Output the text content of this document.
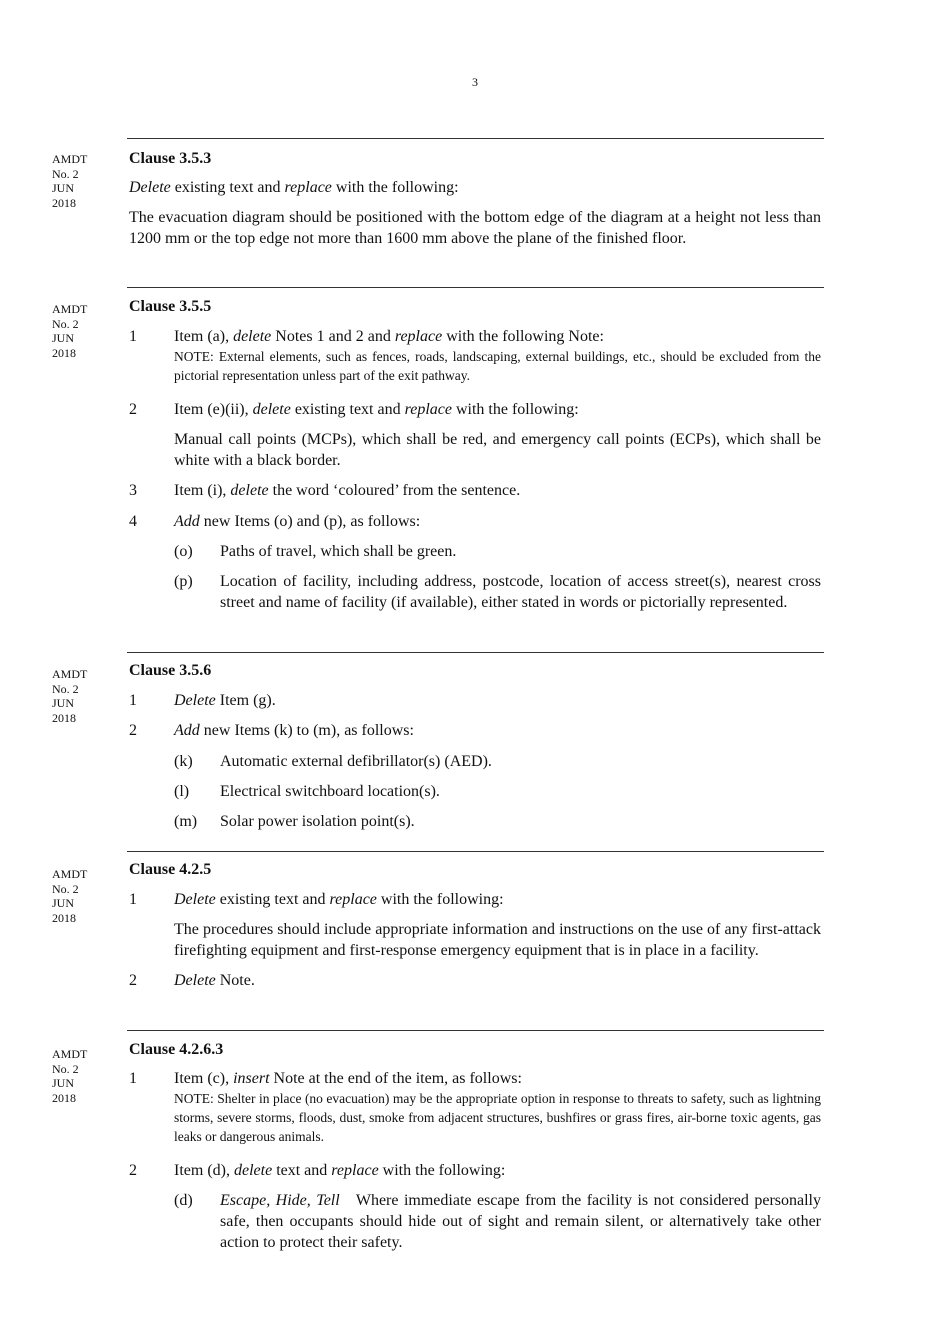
3
AMDT
No. 2
JUN
2018

Clause 3.5.3

Delete existing text and replace with the following:

The evacuation diagram should be positioned with the bottom edge of the diagram at a height not less than 1200 mm or the top edge not more than 1600 mm above the plane of the finished floor.

AMDT
No. 2
JUN
2018

Clause 3.5.5

1	Item (a), delete Notes 1 and 2 and replace with the following Note:

NOTE: External elements, such as fences, roads, landscaping, external buildings, etc., should be excluded from the pictorial representation unless part of the exit pathway.

2	Item (e)(ii), delete existing text and replace with the following:

Manual call points (MCPs), which shall be red, and emergency call points (ECPs), which shall be white with a black border.

3	Item (i), delete the word ‘coloured’ from the sentence.

4	Add new Items (o) and (p), as follows:

(o)	Paths of travel, which shall be green.

(p)	Location of facility, including address, postcode, location of access street(s), nearest cross street and name of facility (if available), either stated in words or pictorially represented.

AMDT
No. 2
JUN
2018

Clause 3.5.6

1	Delete Item (g).

2	Add new Items (k) to (m), as follows:

(k)	Automatic external defibrillator(s) (AED).

(l)	Electrical switchboard location(s).

(m)	Solar power isolation point(s).

AMDT
No. 2
JUN
2018

Clause 4.2.5

1	Delete existing text and replace with the following:

The procedures should include appropriate information and instructions on the use of any first-attack firefighting equipment and first-response emergency equipment that is in place in a facility.

2	Delete Note.

AMDT
No. 2
JUN
2018

Clause 4.2.6.3

1	Item (c), insert Note at the end of the item, as follows:

NOTE: Shelter in place (no evacuation) may be the appropriate option in response to threats to safety, such as lightning storms, severe storms, floods, dust, smoke from adjacent structures, bushfires or grass fires, air-borne toxic agents, gas leaks or dangerous animals.

2	Item (d), delete text and replace with the following:

(d)	Escape, Hide, Tell Where immediate escape from the facility is not considered personally safe, then occupants should hide out of sight and remain silent, or alternatively take other action to protect their safety.
